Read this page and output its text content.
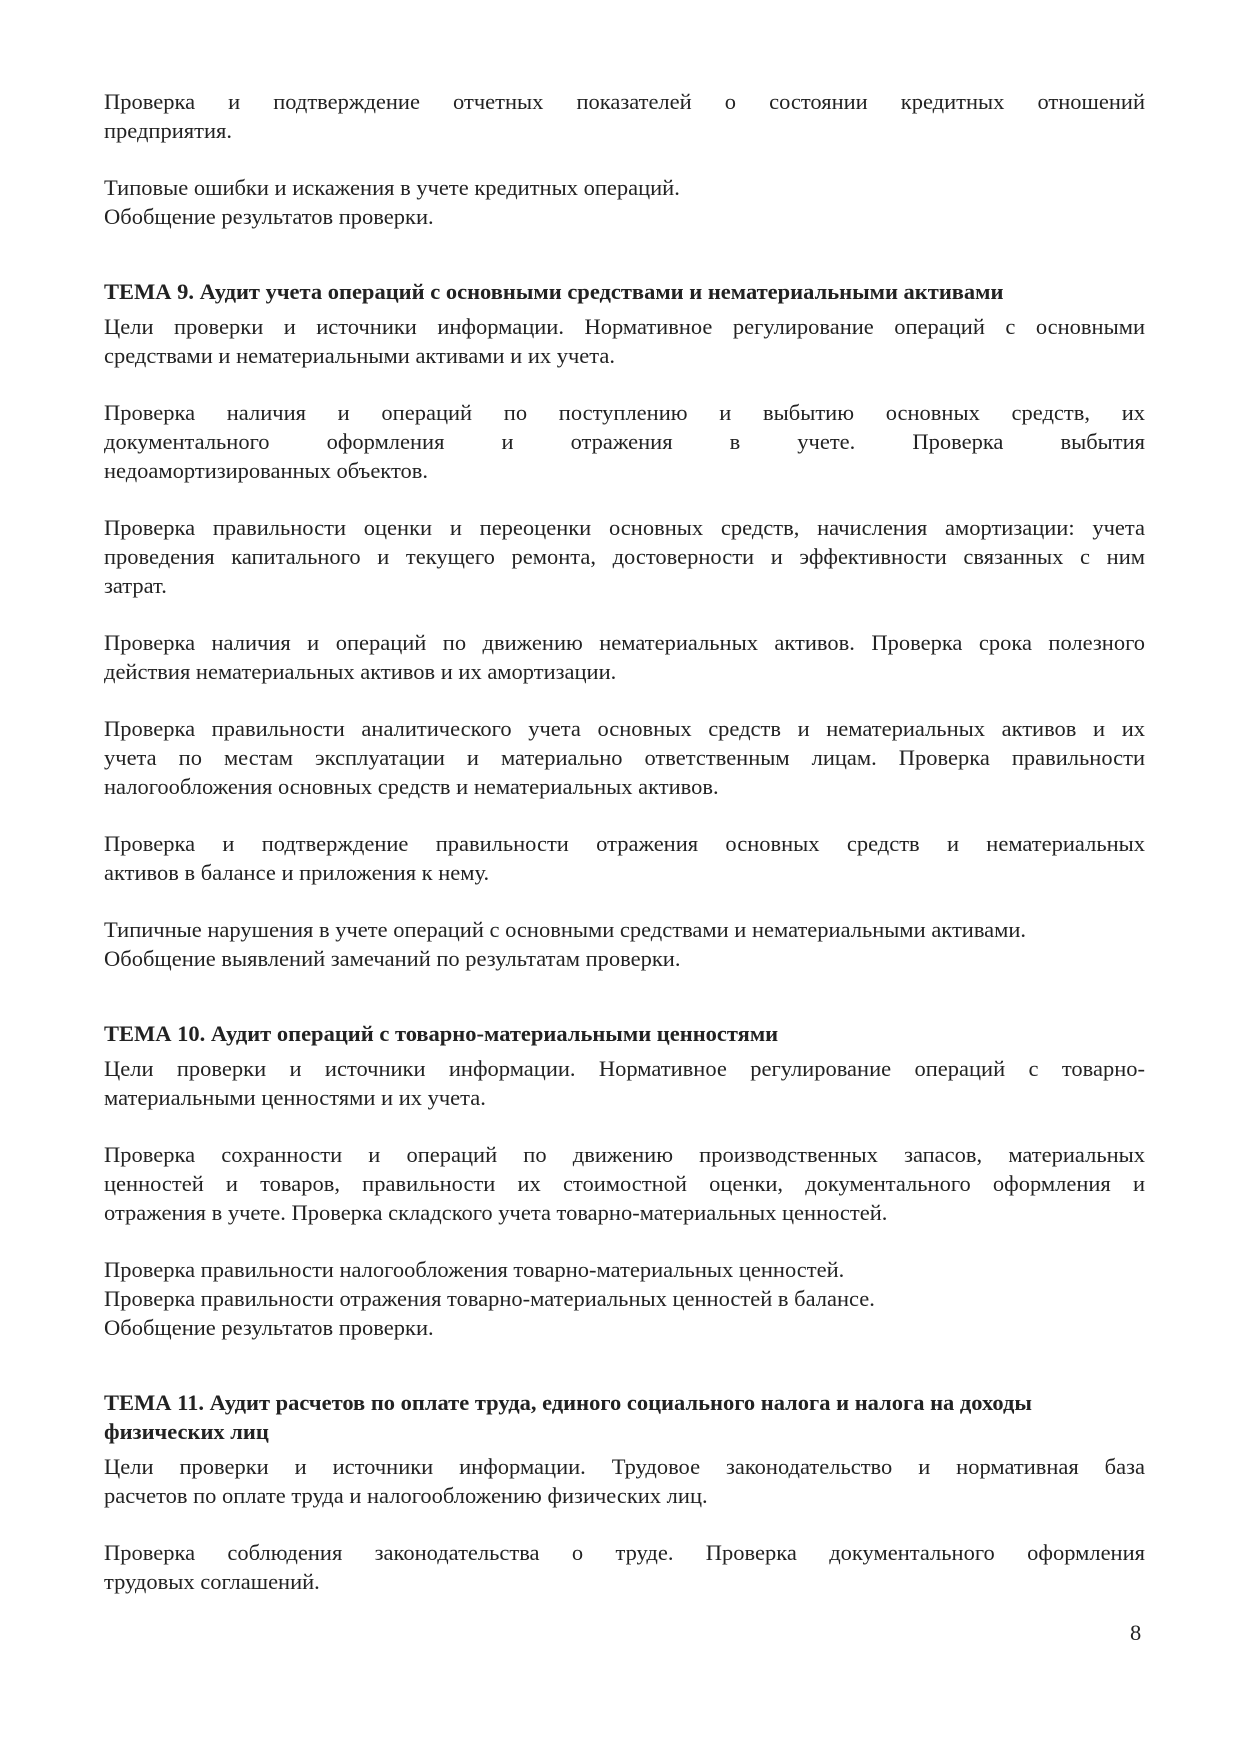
Проверка и подтверждение отчетных показателей о состоянии кредитных отношений
предприятия.
Типовые ошибки и искажения в учете кредитных операций.
Обобщение результатов проверки.
ТЕМА 9. Аудит учета операций с основными средствами и нематериальными активами
Цели проверки и источники информации. Нормативное регулирование операций с основными
средствами и нематериальными активами и их учета.
Проверка наличия и операций по поступлению и выбытию основных средств, их
документального оформления и отражения в учете. Проверка выбытия
недоамортизированных объектов.
Проверка правильности оценки и переоценки основных средств, начисления амортизации: учета
проведения капитального и текущего ремонта, достоверности и эффективности связанных с ним
затрат.
Проверка наличия и операций по движению нематериальных активов. Проверка срока полезного
действия нематериальных активов и их амортизации.
Проверка правильности аналитического учета основных средств и нематериальных активов и их
учета по местам эксплуатации и материально ответственным лицам. Проверка правильности
налогообложения основных средств и нематериальных активов.
Проверка и подтверждение правильности отражения основных средств и нематериальных
активов в балансе и приложения к нему.
Типичные нарушения в учете операций с основными средствами и нематериальными активами.
Обобщение выявлений замечаний по результатам проверки.
ТЕМА 10. Аудит операций с товарно-материальными ценностями
Цели проверки и источники информации. Нормативное регулирование операций с товарно-
материальными ценностями и их учета.
Проверка сохранности и операций по движению производственных запасов, материальных
ценностей и товаров, правильности их стоимостной оценки, документального оформления и
отражения в учете. Проверка складского учета товарно-материальных ценностей.
Проверка правильности налогообложения товарно-материальных ценностей.
Проверка правильности отражения товарно-материальных ценностей в балансе.
Обобщение результатов проверки.
ТЕМА 11. Аудит расчетов по оплате труда, единого социального налога и налога на доходы
физических лиц
Цели проверки и источники информации. Трудовое законодательство и нормативная база
расчетов по оплате труда и налогообложению физических лиц.
Проверка соблюдения законодательства о труде. Проверка документального оформления
трудовых соглашений.
8
